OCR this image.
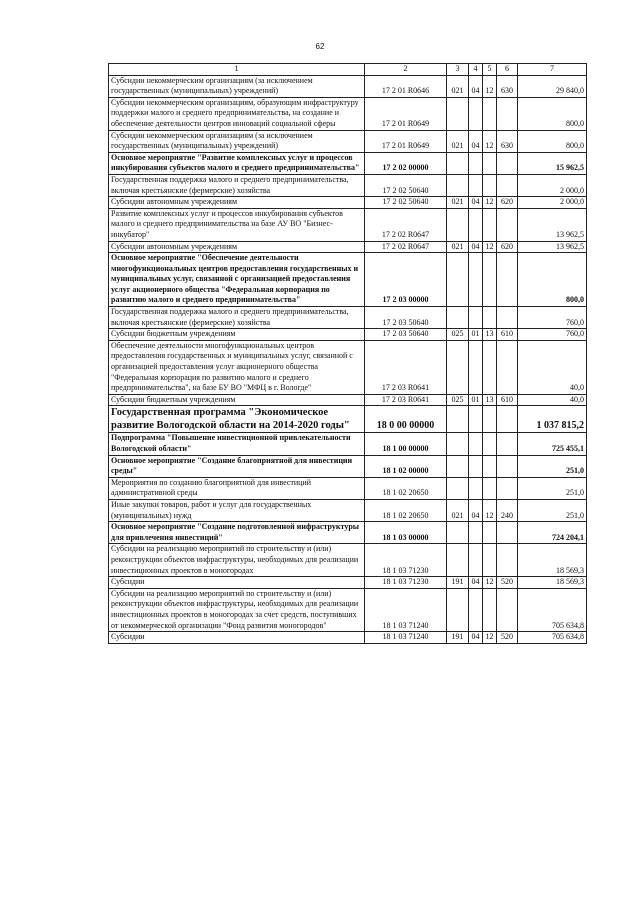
62
1	2	3	4	5	6	7
Субсидии некоммерческим организациям (за исключением государственных (муниципальных) учреждений)	17 2 01 R0646	021	04	12	630	29 840,0
Субсидии некоммерческим организациям, образующим инфраструктуру поддержки малого и среднего предпринимательства, на создание и обеспечение деятельности центров инноваций социальной сферы	17 2 01 R0649					800,0
Субсидии некоммерческим организациям (за исключением государственных (муниципальных) учреждений)	17 2 01 R0649	021	04	12	630	800,0
Основное мероприятие "Развитие комплексных услуг и процессов инкубирования субъектов малого и среднего предпринимательства"	17 2 02 00000					15 962,5
Государственная поддержка малого и среднего предпринимательства, включая крестьянские (фермерские) хозяйства	17 2 02 50640					2 000,0
Субсидии автономным учреждениям	17 2 02 50640	021	04	12	620	2 000,0
Развитие комплексных услуг и процессов инкубирования субъектов малого и среднего предпринимательства на базе АУ ВО "Бизнес-инкубатор"	17 2 02 R0647					13 962,5
Субсидии автономным учреждениям	17 2 02 R0647	021	04	12	620	13 962,5
Основное мероприятие "Обеспечение деятельности многофункциональных центров предоставления государственных и муниципальных услуг, связанной с организацией предоставления услуг акционерного общества "Федеральная корпорация по развитию малого и среднего предпринимательства"	17 2 03 00000					800,0
Государственная поддержка малого и среднего предпринимательства, включая крестьянские (фермерские) хозяйства	17 2 03 50640					760,0
Субсидии бюджетным учреждениям	17 2 03 50640	025	01	13	610	760,0
Обеспечение деятельности многофункциональных центров предоставления государственных и муниципальных услуг, связанной с организацией предоставления услуг акционерного общества "Федеральная корпорация по развитию малого и среднего предпринимательства", на базе БУ ВО "МФЦ в г. Вологде"	17 2 03 R0641					40,0
Субсидии бюджетным учреждениям	17 2 03 R0641	025	01	13	610	40,0
Государственная программа "Экономическое развитие Вологодской области на 2014-2020 годы"	18 0 00 00000					1 037 815,2
Подпрограмма "Повышение инвестиционной привлекательности Вологодской области"	18 1 00 00000					725 455,1
Основное мероприятие "Создание благоприятной для инвестиции среды"	18 1 02 00000					251,0
Мероприятия по созданию благоприятной для инвестиций административной среды	18 1 02 20650					251,0
Иные закупки товаров, работ и услуг для государственных (муниципальных) нужд	18 1 02 20650	021	04	12	240	251,0
Основное мероприятие "Создание подготовленной инфраструктуры для привлечения инвестиций"	18 1 03 00000					724 204,1
Субсидии на реализацию мероприятий по строительству и (или) реконструкции объектов инфраструктуры, необходимых для реализации инвестиционных проектов в моногородах	18 1 03 71230					18 569,3
Субсидии	18 1 03 71230	191	04	12	520	18 569,3
Субсидии на реализацию мероприятий по строительству и (или) реконструкции объектов инфраструктуры, необходимых для реализации инвестиционных проектов в моногородах за счет средств, поступивших от некоммерческой организации "Фонд развития моногородов"	18 1 03 71240					705 634,8
Субсидии	18 1 03 71240	191	04	12	520	705 634,8
